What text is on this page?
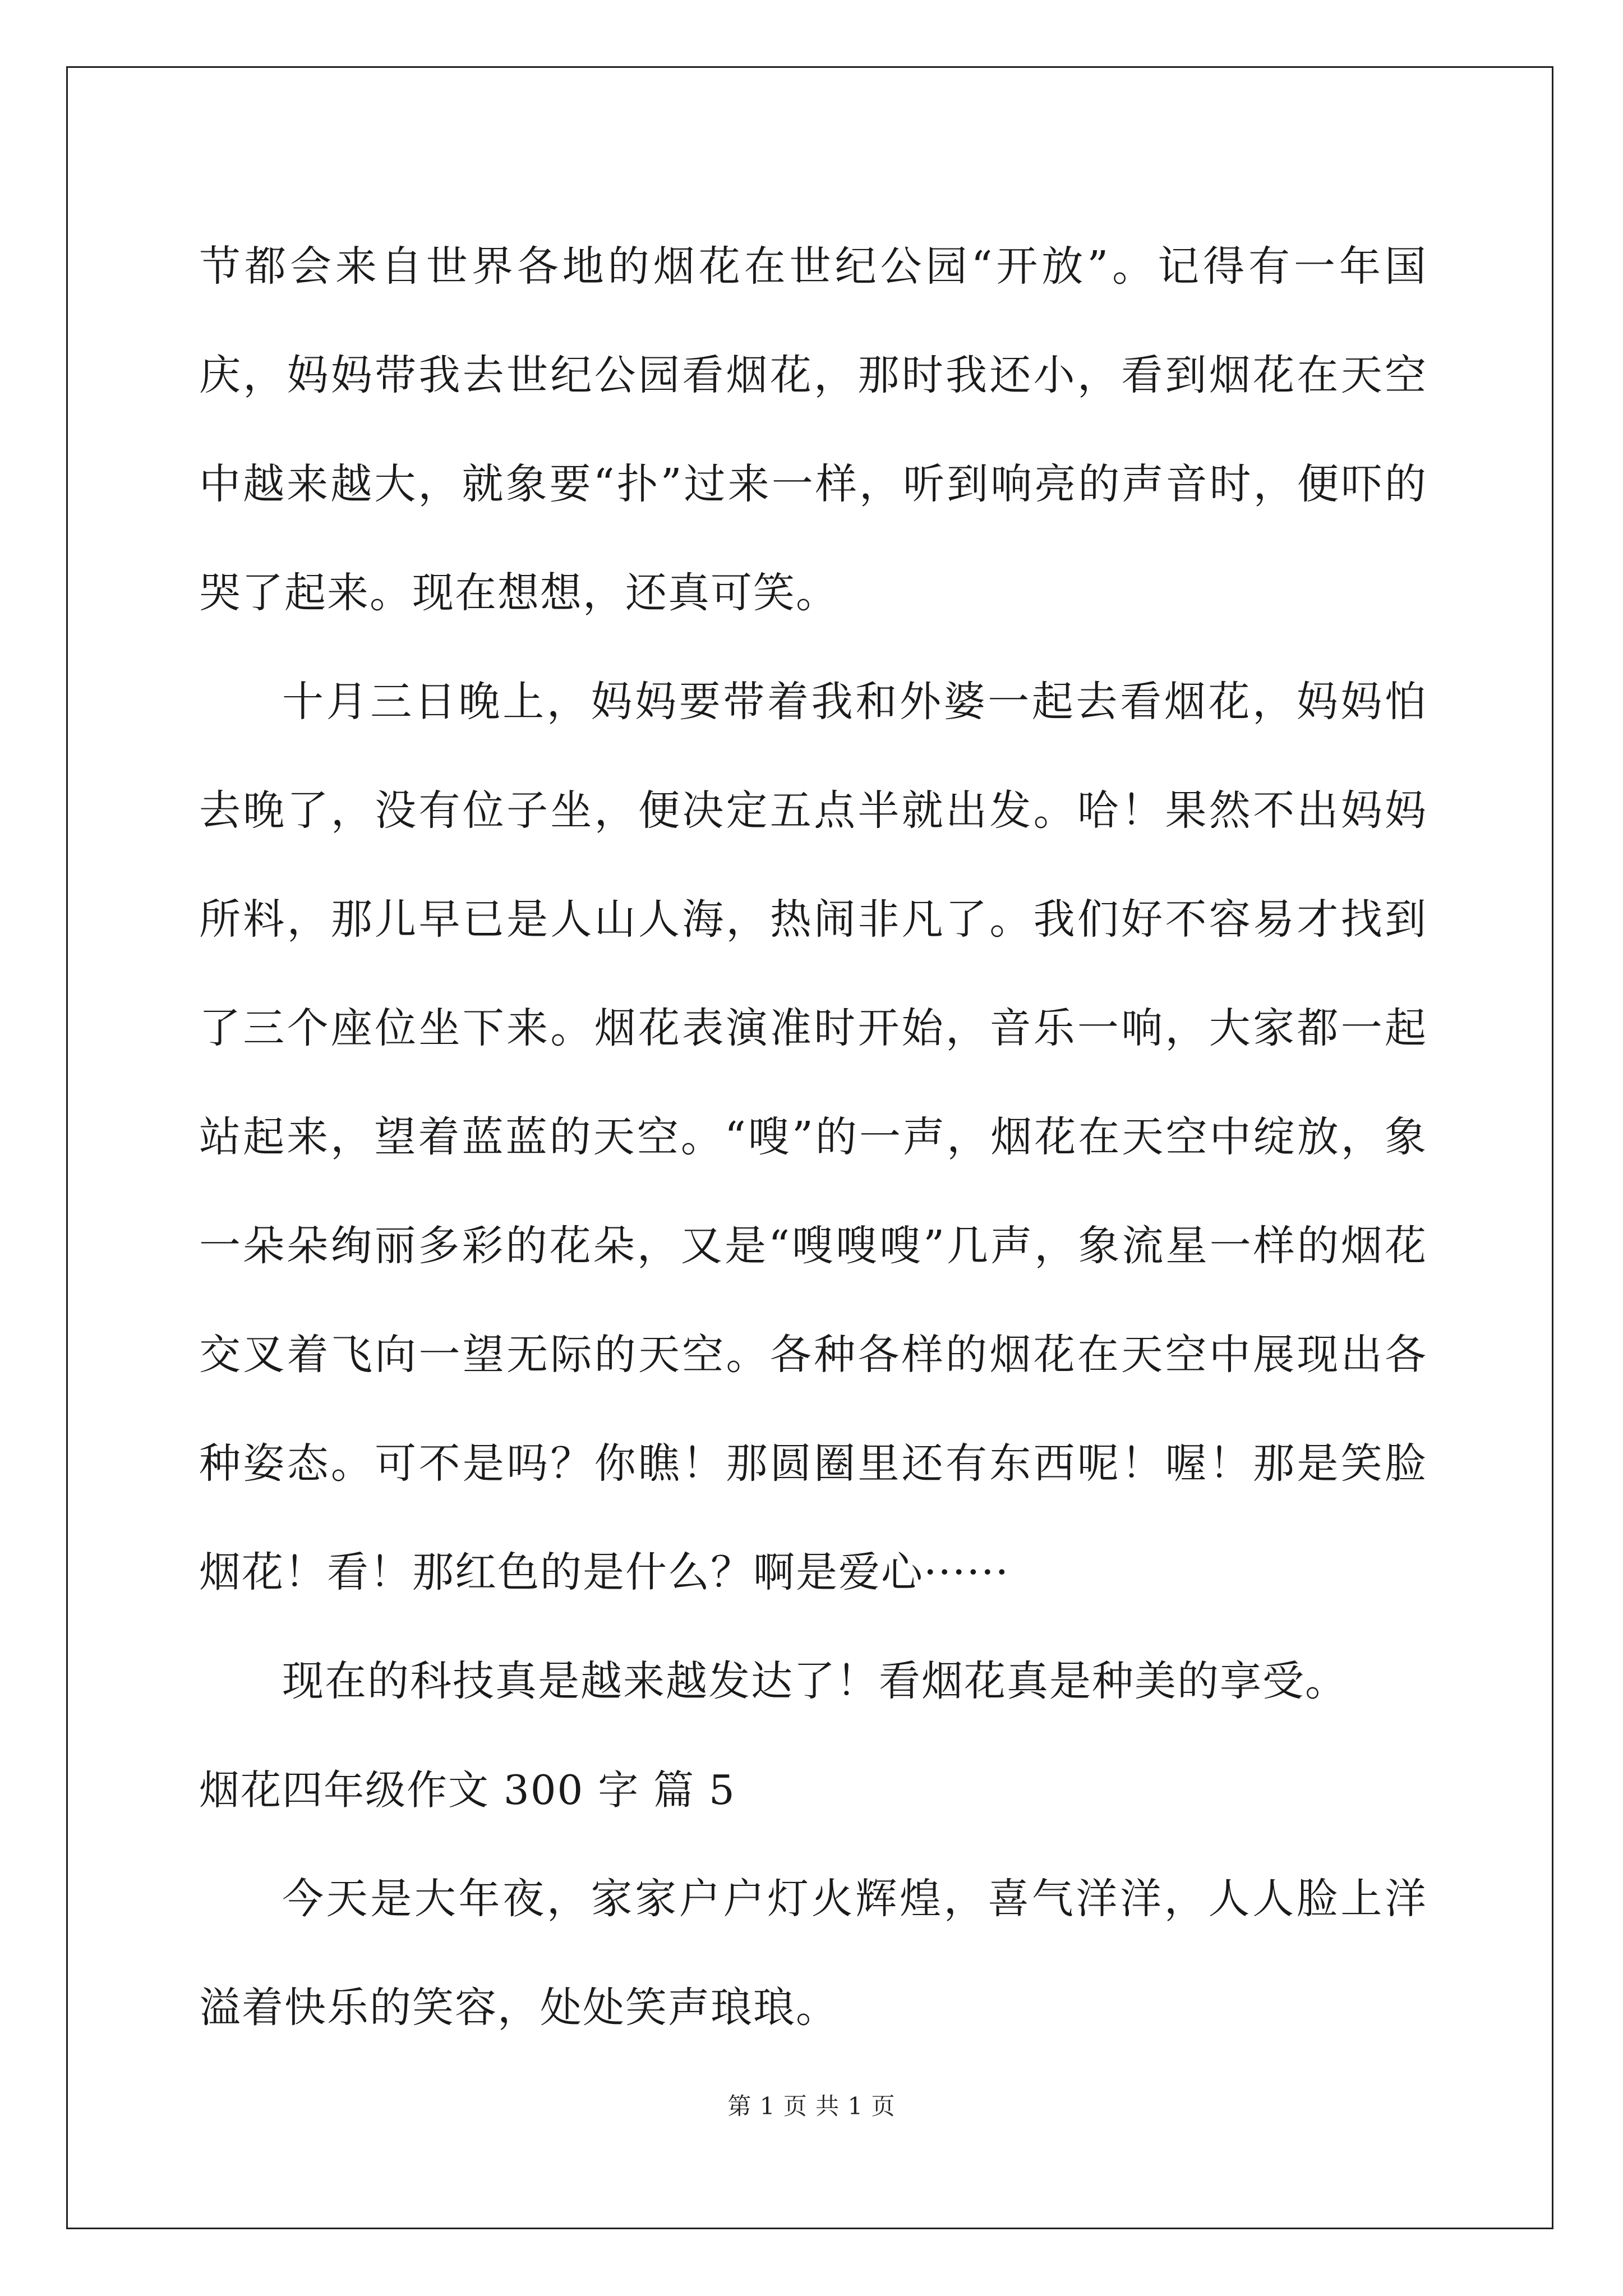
节都会来自世界各地的烟花在世纪公园“开放”。记得有一年国庆，妈妈带我去世纪公园看烟花，那时我还小，看到烟花在天空中越来越大，就象要“扑”过来一样，听到响亮的声音时，便吓的哭了起来。现在想想，还真可笑。

十月三日晚上，妈妈要带着我和外婆一起去看烟花，妈妈怕去晚了，没有位子坐，便决定五点半就出发。哈！果然不出妈妈所料，那儿早已是人山人海，热闹非凡了。我们好不容易才找到了三个座位坐下来。烟花表演准时开始，音乐一响，大家都一起站起来，望着蓝蓝的天空。“嗖”的一声，烟花在天空中绽放，象一朵朵绚丽多彩的花朵，又是“嗖嗖嗖”几声，象流星一样的烟花交叉着飞向一望无际的天空。各种各样的烟花在天空中展现出各种姿态。可不是吗？你瞧！那圆圈里还有东西呢！喔！那是笑脸烟花！看！那红色的是什么？啊是爱心······

现在的科技真是越来越发达了！看烟花真是种美的享受。

烟花四年级作文 300 字 篇 5

今天是大年夜，家家户户灯火辉煌，喜气洋洋，人人脸上洋溢着快乐的笑容，处处笑声琅琅。

第 1 页 共 1 页
